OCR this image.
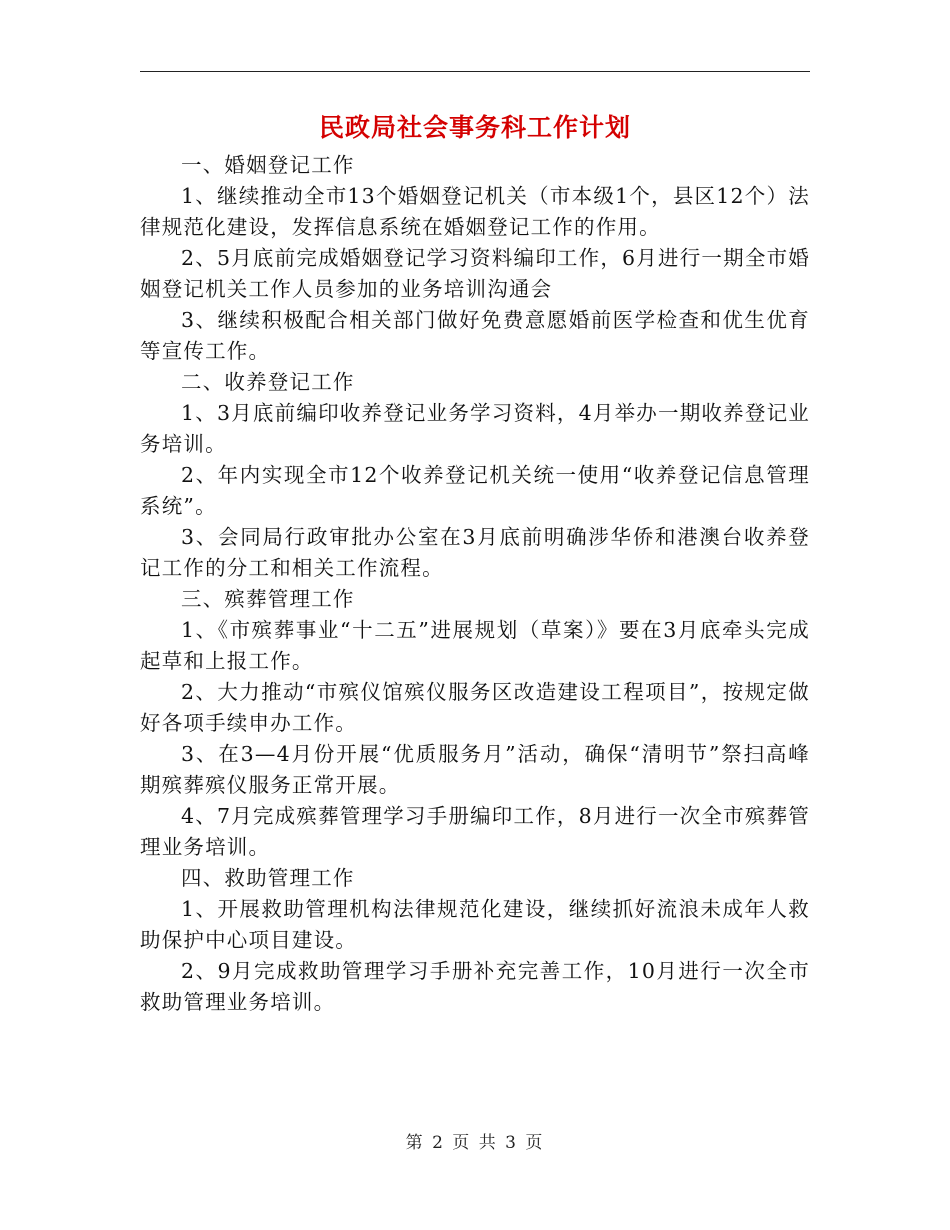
民政局社会事务科工作计划

一、婚姻登记工作

1、继续推动全市13个婚姻登记机关（市本级1个，县区12个）法律规范化建设，发挥信息系统在婚姻登记工作的作用。

2、5月底前完成婚姻登记学习资料编印工作，6月进行一期全市婚姻登记机关工作人员参加的业务培训沟通会

3、继续积极配合相关部门做好免费意愿婚前医学检查和优生优育等宣传工作。

二、收养登记工作

1、3月底前编印收养登记业务学习资料，4月举办一期收养登记业务培训。

2、年内实现全市12个收养登记机关统一使用“收养登记信息管理系统”。

3、会同局行政审批办公室在3月底前明确涉华侨和港澳台收养登记工作的分工和相关工作流程。

三、殡葬管理工作

1、《市殡葬事业“十二五”进展规划（草案）》要在3月底牵头完成起草和上报工作。

2、大力推动“市殡仪馆殡仪服务区改造建设工程项目”，按规定做好各项手续申办工作。

3、在3—4月份开展“优质服务月”活动，确保“清明节”祭扫高峰期殡葬殡仪服务正常开展。

4、7月完成殡葬管理学习手册编印工作，8月进行一次全市殡葬管理业务培训。

四、救助管理工作

1、开展救助管理机构法律规范化建设，继续抓好流浪未成年人救助保护中心项目建设。

2、9月完成救助管理学习手册补充完善工作，10月进行一次全市救助管理业务培训。

第 2 页 共 3 页
